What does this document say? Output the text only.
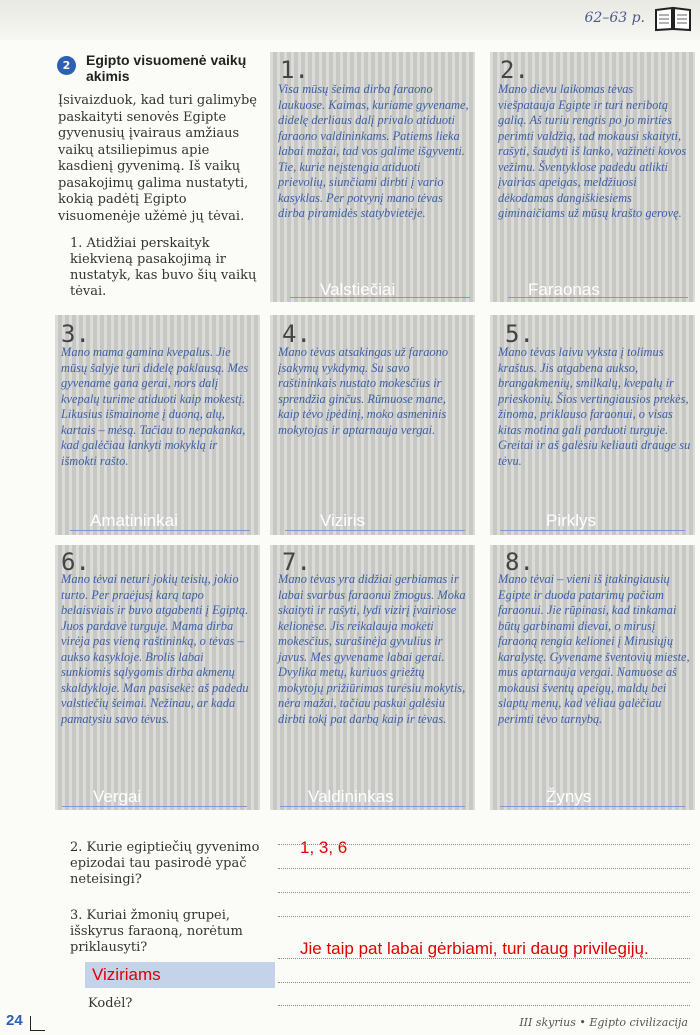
62–63 p.
2	Egipto visuomenė vaikų akimis
Įsivaizduok, kad turi galimybę paskaityti senovės Egipte gyvenusių įvairaus amžiaus vaikų atsiliepimus apie kasdienį gyvenimą. Iš vaikų pasakojimų galima nustatyti, kokią padėtį Egipto visuomenėje užėmė jų tėvai.
1. Atidžiai perskaityk kiekvieną pasakojimą ir nustatyk, kas buvo šių vaikų tėvai.
1.
Visa mūsų šeima dirba faraono laukuose. Kaimas, kuriame gyvename, didelę derliaus dalį privalo atiduoti faraono valdininkams. Patiems lieka labai mažai, tad vos galime išgyventi. Tie, kurie neįstengia atiduoti prievolių, siunčiami dirbti į vario kasyklas. Per potvynį mano tėvas dirba piramidės statybvietėje.
Valstiečiai
2.
Mano dievu laikomas tėvas viešpatauja Egipte ir turi neribotą galią. Aš turiu rengtis po jo mirties perimti valdžią, tad mokausi skaityti, rašyti, šaudyti iš lanko, važinėti kovos vežimu. Šventyklose padedu atlikti įvairias apeigas, meldžiuosi dėkodamas dangiškiesiems giminaičiams už mūsų krašto gerovę.
Faraonas
3.
Mano mama gamina kvepalus. Jie mūsų šalyje turi didelę paklausą. Mes gyvename gana gerai, nors dalį kvepalų turime atiduoti kaip mokestį. Likusius išmainome į duoną, alų, kartais – mėsą. Tačiau to nepakanka, kad galėčiau lankyti mokyklą ir išmokti rašto.
Amatininkai
4.
Mano tėvas atsakingas už faraono įsakymų vykdymą. Su savo raštininkais nustato mokesčius ir sprendžia ginčus. Rūmuose mane, kaip tėvo įpėdinį, moko asmeninis mokytojas ir aptarnauja vergai.
Viziris
5.
Mano tėvas laivu vyksta į tolimus kraštus. Jis atgabena aukso, brangakmenių, smilkalų, kvepalų ir prieskonių. Šios vertingiausios prekės, žinoma, priklauso faraonui, o visas kitas motina gali parduoti turguje. Greitai ir aš galėsiu keliauti drauge su tėvu.
Pirklys
6.
Mano tėvai neturi jokių teisių, jokio turto. Per praėjusį karą tapo belaisviais ir buvo atgabenti į Egiptą. Juos pardavė turguje. Mama dirba virėja pas vieną raštininką, o tėvas – aukso kasykloje. Brolis labai sunkiomis sąlygomis dirba akmenų skaldykloje. Man pasisekė: aš padedu valstiečių šeimai. Nežinau, ar kada pamatysiu savo tėvus.
Vergai
7.
Mano tėvas yra didžiai gerbiamas ir labai svarbus faraonui žmogus. Moka skaityti ir rašyti, lydi vizirį įvairiose kelionėse. Jis reikalauja mokėti mokesčius, surašinėja gyvulius ir javus. Mes gyvename labai gerai. Dvylika metų, kuriuos griežtų mokytojų prižiūrimas turėsiu mokytis, nėra mažai, tačiau paskui galėsiu dirbti tokį pat darbą kaip ir tėvas.
Valdininkas
8.
Mano tėvai – vieni iš įtakingiausių Egipte ir duoda patarimų pačiam faraonui. Jie rūpinasi, kad tinkamai būtų garbinami dievai, o mirusį faraoną rengia kelionei į Mirusiųjų karalystę. Gyvename šventovių mieste, mus aptarnauja vergai. Namuose aš mokausi šventų apeigų, maldų bei slaptų menų, kad vėliau galėčiau perimti tėvo tarnybą.
Žynys
2. Kurie egiptiečių gyvenimo epizodai tau pasirodė ypač neteisingi?
1, 3, 6
3. Kuriai žmonių grupei, išskyrus faraoną, norėtum priklausyti?
Viziriams
Kodėl?
Jie taip pat labai gėrbiami, turi daug privilegijų.
24	III skyrius • Egipto civilizacija
